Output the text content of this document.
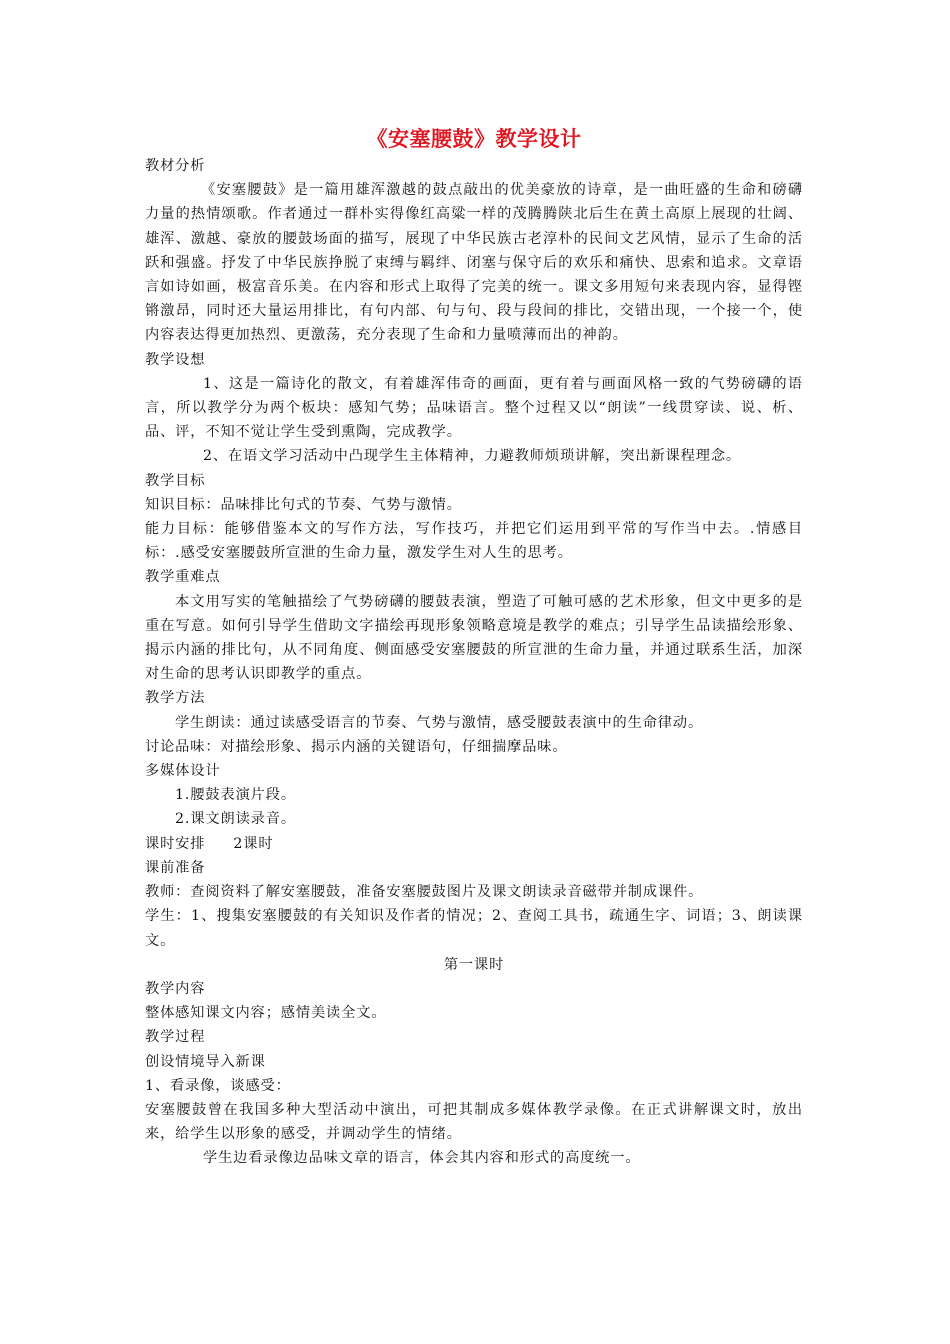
《安塞腰鼓》教学设计

教材分析

《安塞腰鼓》是一篇用雄浑激越的鼓点敲出的优美豪放的诗章，是一曲旺盛的生命和磅礴力量的热情颂歌。作者通过一群朴实得像红高粱一样的茂腾腾陕北后生在黄土高原上展现的壮阔、雄浑、激越、豪放的腰鼓场面的描写，展现了中华民族古老淳朴的民间文艺风情，显示了生命的活跃和强盛。抒发了中华民族挣脱了束缚与羁绊、闭塞与保守后的欢乐和痛快、思索和追求。文章语言如诗如画，极富音乐美。在内容和形式上取得了完美的统一。课文多用短句来表现内容，显得铿锵激昂，同时还大量运用排比，有句内部、句与句、段与段间的排比，交错出现，一个接一个，使内容表达得更加热烈、更激荡，充分表现了生命和力量喷薄而出的神韵。

教学设想

1、这是一篇诗化的散文，有着雄浑伟奇的画面，更有着与画面风格一致的气势磅礴的语言，所以教学分为两个板块：感知气势；品味语言。整个过程又以“朗读”一线贯穿读、说、析、品、评，不知不觉让学生受到熏陶，完成教学。

2、在语文学习活动中凸现学生主体精神，力避教师烦琐讲解，突出新课程理念。

教学目标

知识目标：品味排比句式的节奏、气势与激情。

能力目标：能够借鉴本文的写作方法，写作技巧，并把它们运用到平常的写作当中去。.情感目标：.感受安塞腰鼓所宣泄的生命力量，激发学生对人生的思考。

教学重难点

本文用写实的笔触描绘了气势磅礴的腰鼓表演，塑造了可触可感的艺术形象，但文中更多的是重在写意。如何引导学生借助文字描绘再现形象领略意境是教学的难点；引导学生品读描绘形象、揭示内涵的排比句，从不同角度、侧面感受安塞腰鼓的所宣泄的生命力量，并通过联系生活，加深对生命的思考认识即教学的重点。

教学方法

学生朗读：通过读感受语言的节奏、气势与激情，感受腰鼓表演中的生命律动。

讨论品味：对描绘形象、揭示内涵的关键语句，仔细揣摩品味。

多媒体设计

1.腰鼓表演片段。

2.课文朗读录音。

课时安排 2课时

课前准备

教师：查阅资料了解安塞腰鼓，准备安塞腰鼓图片及课文朗读录音磁带并制成课件。

学生：1、搜集安塞腰鼓的有关知识及作者的情况；2、查阅工具书，疏通生字、词语；3、朗读课文。

第一课时

教学内容

整体感知课文内容；感情美读全文。

教学过程

创设情境导入新课

1、看录像，谈感受：

安塞腰鼓曾在我国多种大型活动中演出，可把其制成多媒体教学录像。在正式讲解课文时，放出来，给学生以形象的感受，并调动学生的情绪。

学生边看录像边品味文章的语言，体会其内容和形式的高度统一。
